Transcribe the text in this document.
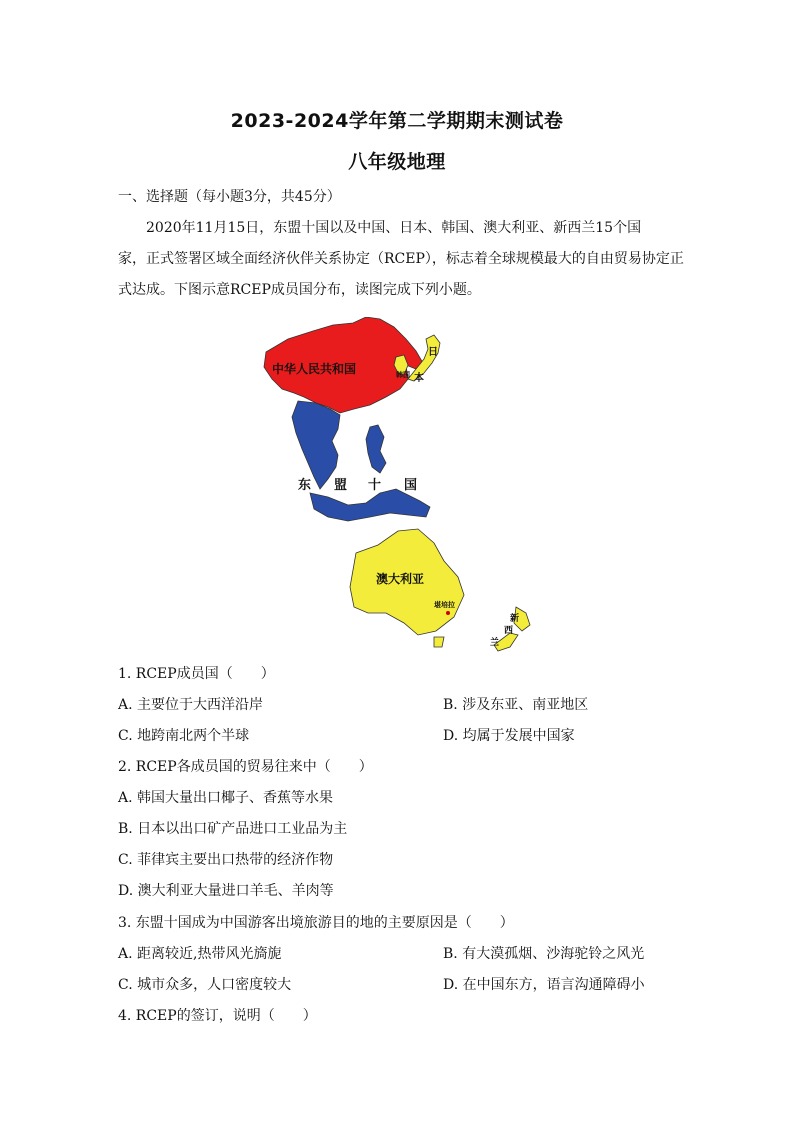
2023-2024学年第二学期期末测试卷
八年级地理
一、选择题（每小题3分，共45分）
2020年11月15日，东盟十国以及中国、日本、韩国、澳大利亚、新西兰15个国
家，正式签署区域全面经济伙伴关系协定（RCEP），标志着全球规模最大的自由贸易协定正
式达成。下图示意RCEP成员国分布，读图完成下列小题。
中华人民共和国	韩国
日
本
东 盟 十 国
澳大利亚
堪培拉
新
西
兰
1. RCEP成员国（　　）
A. 主要位于大西洋沿岸	B. 涉及东亚、南亚地区
C. 地跨南北两个半球	D. 均属于发展中国家
2. RCEP各成员国的贸易往来中（　　）
A. 韩国大量出口椰子、香蕉等水果
B. 日本以出口矿产品进口工业品为主
C. 菲律宾主要出口热带的经济作物
D. 澳大利亚大量进口羊毛、羊肉等
3. 东盟十国成为中国游客出境旅游目的地的主要原因是（　　）
A. 距离较近,热带风光旖旎	B. 有大漠孤烟、沙海驼铃之风光
C. 城市众多，人口密度较大	D. 在中国东方，语言沟通障碍小
4. RCEP的签订，说明（　　）
